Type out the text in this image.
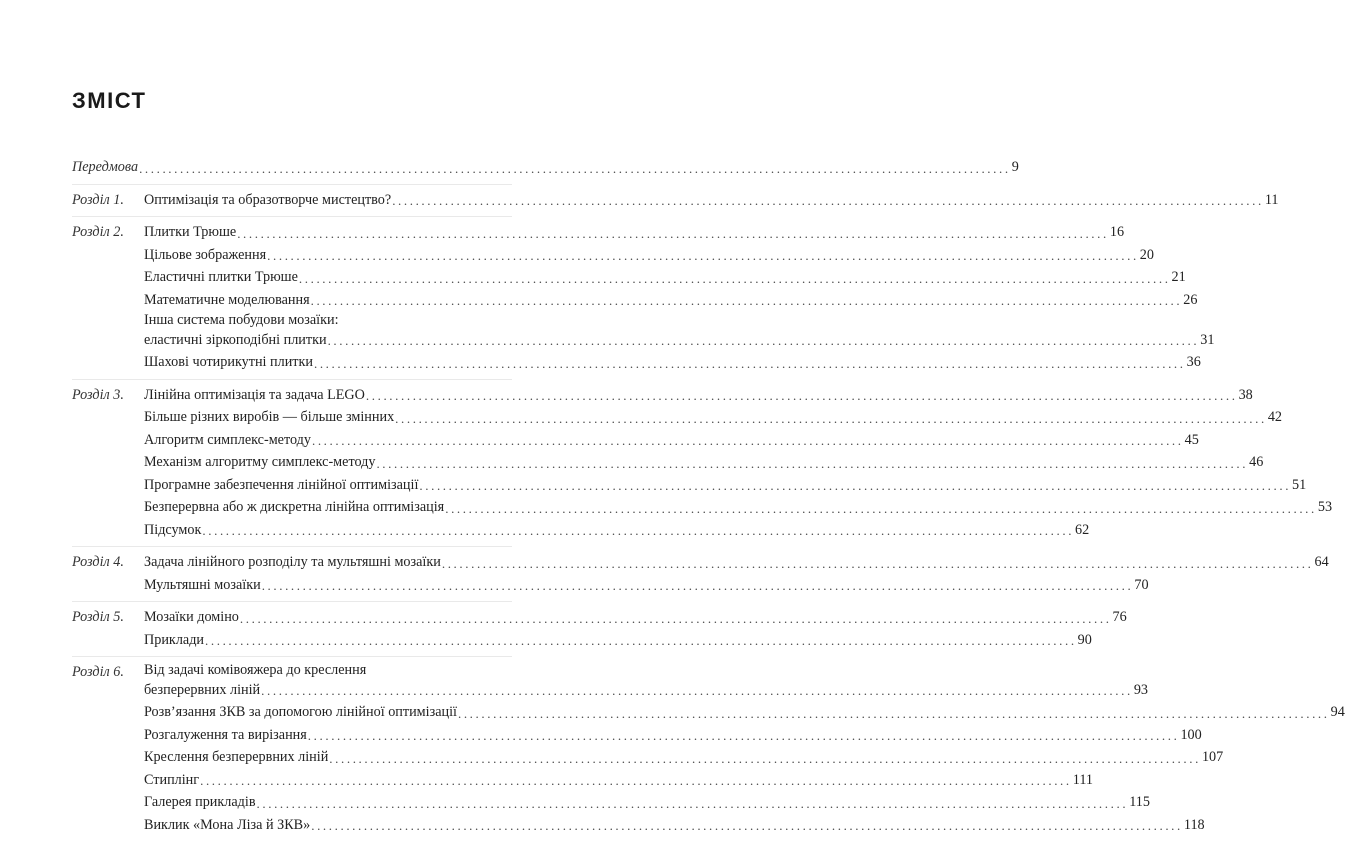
ЗМІСТ
Передмова .....	9
Розділ 1.	Оптимізація та образотворче мистецтво? .....	11
Розділ 2.	Плитки Трюше .....	16
Цільове зображення .....	20
Еластичні плитки Трюше .....	21
Математичне моделювання .....	26
Інша система побудови мозаїки:
еластичні зіркоподібні плитки .....	31
Шахові чотирикутні плитки .....	36
Розділ 3.	Лінійна оптимізація та задача LEGO .....	38
Більше різних виробів — більше змінних .....	42
Алгоритм симплекс-методу .....	45
Механізм алгоритму симплекс-методу .....	46
Програмне забезпечення лінійної оптимізації .....	51
Безперервна або ж дискретна лінійна оптимізація .....	53
Підсумок .....	62
Розділ 4.	Задача лінійного розподілу та мультяшні мозаїки .....	64
Мультяшні мозаїки .....	70
Розділ 5.	Мозаїки доміно .....	76
Приклади .....	90
Розділ 6.	Від задачі комівояжера до креслення
безперервних ліній .....	93
Розв’язання ЗКВ за допомогою лінійної оптимізації .....	94
Розгалуження та вирізання .....	100
Креслення безперервних ліній .....	107
Стиплінг .....	111
Галерея прикладів .....	115
Виклик «Мона Ліза й ЗКВ» .....	118
